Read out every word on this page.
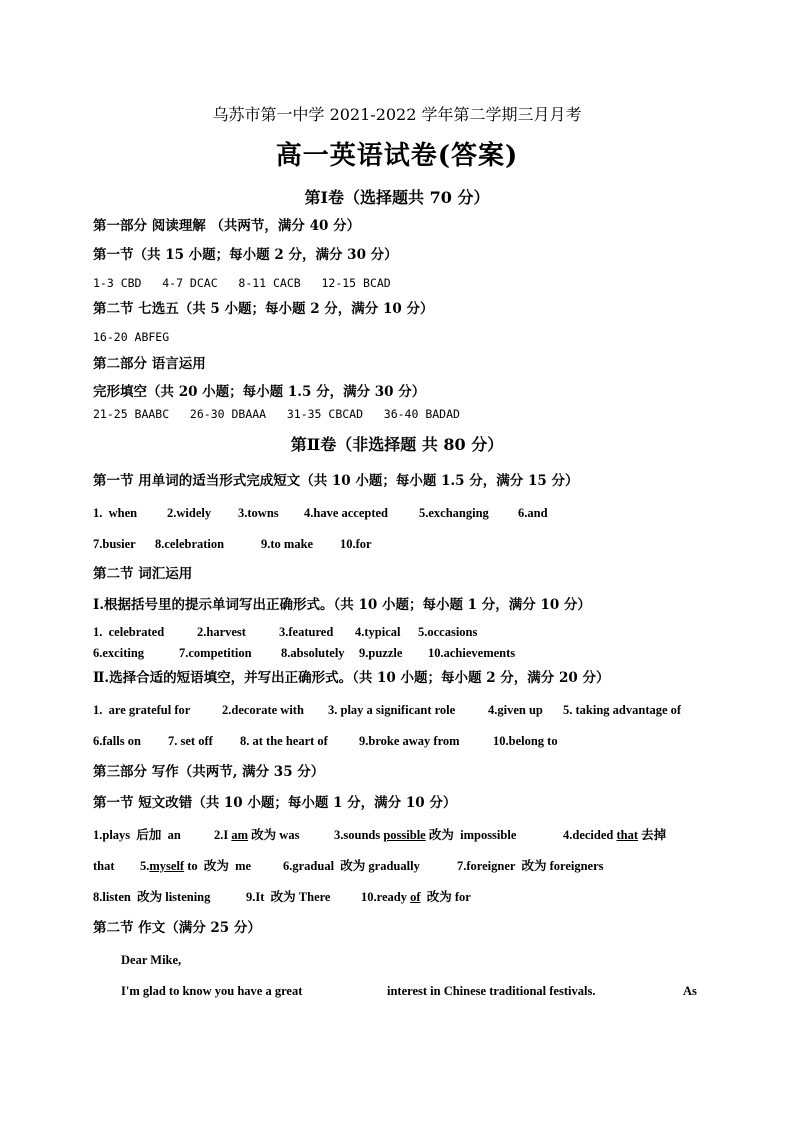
乌苏市第一中学 2021-2022 学年第二学期三月月考
高一英语试卷(答案)
第Ⅰ卷（选择题共 70 分）
第一部分 阅读理解 （共两节，满分 40 分）
第一节（共 15 小题；每小题 2 分，满分 30 分）
1-3 CBD   4-7 DCAC   8-11 CACB   12-15 BCAD
第二节 七选五（共 5 小题；每小题 2 分，满分 10 分）
16-20 ABFEG
第二部分 语言运用
完形填空（共 20 小题；每小题 1.5 分，满分 30 分）
21-25 BAABC   26-30 DBAAA   31-35 CBCAD   36-40 BADAD
第Ⅱ卷（非选择题 共 80 分）
第一节 用单词的适当形式完成短文（共 10 小题；每小题 1.5 分，满分 15 分）
1.  when 2.widely 3.towns 4.have accepted 5.exchanging 6.and
7.busier 8.celebration	9.to make 10.for
第二节 词汇运用
Ⅰ.根据括号里的提示单词写出正确形式。（共 10 小题；每小题 1 分，满分 10 分）
1.  celebrated	2.harvest	3.featured 4.typical 5.occasions
6.exciting	7.competition 8.absolutely 9.puzzle 10.achievements
Ⅱ.选择合适的短语填空，并写出正确形式。（共 10 小题；每小题 2 分，满分 20 分）
1.  are grateful for	2.decorate with 3. play a significant role	4.given up 5. taking advantage of
6.falls on 7. set off 8. at the heart of 9.broke away from	10.belong to
第三部分 写作（共两节, 满分 35 分）
第一节 短文改错（共 10 小题；每小题 1 分，满分 10 分）
1.plays  后加  an	2.I am 改为 was	3.sounds possible 改为  impossible	4.decided that 去掉
that 5.myself to  改为  me	6.gradual  改为 gradually	7.foreigner  改为 foreigners
8.listen  改为 listening	9.It  改为 There 10.ready of  改为 for
第二节 作文（满分 25 分）
Dear Mike,
I'm glad to know you have a great	interest in Chinese traditional festivals.	As
